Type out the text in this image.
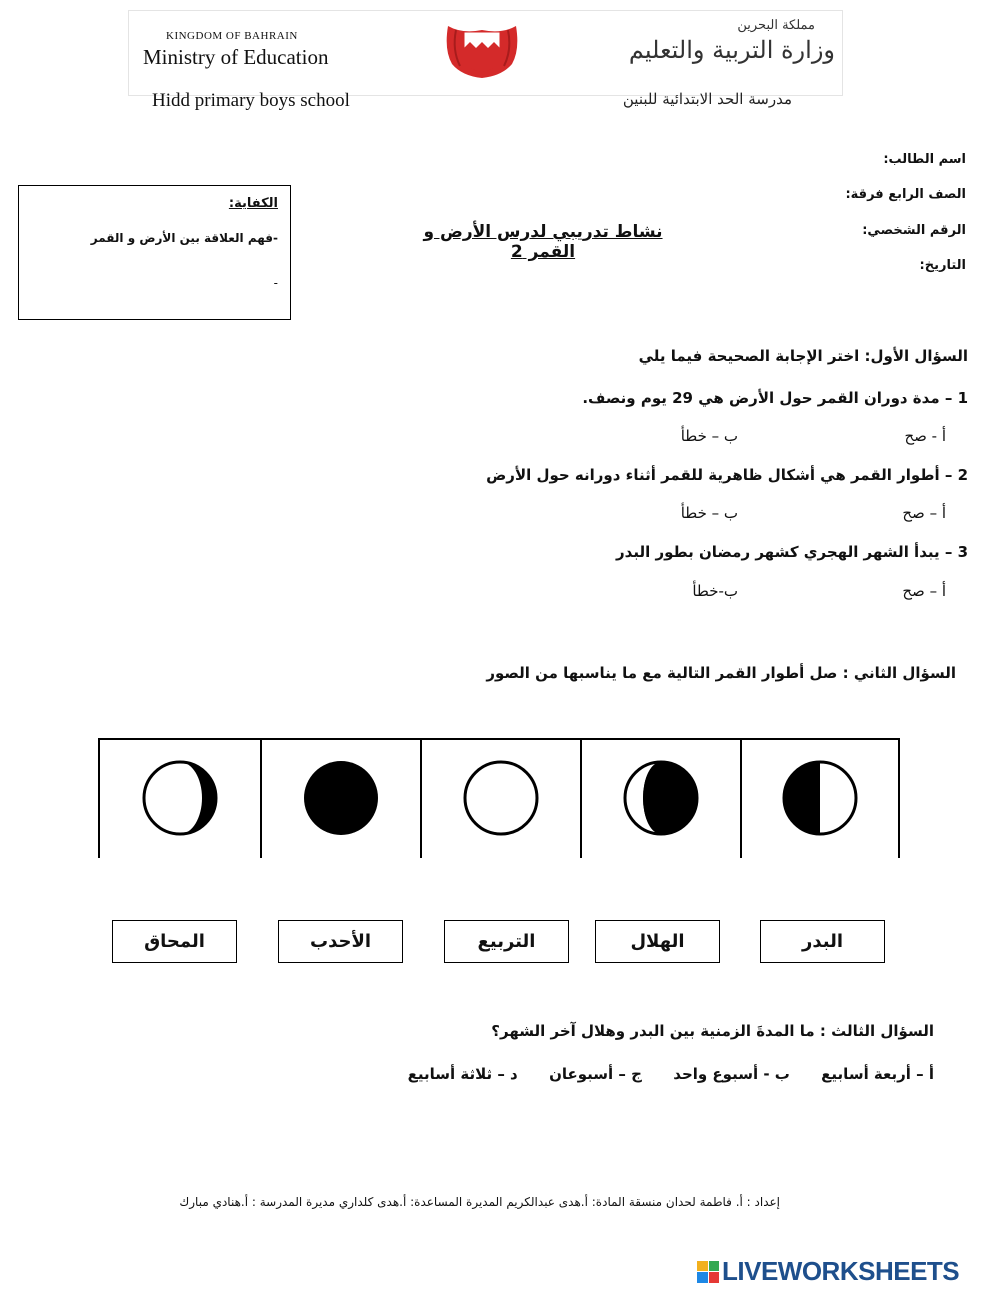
KINGDOM OF BAHRAIN
Ministry of Education
مملكة البحرين
وزارة التربية والتعليم
Hidd primary boys school	مدرسة الحد الابتدائية للبنين
اسم الطالب:
الصف الرابع فرقة:
الرقم الشخصي:
التاريخ:
الكفاية:
-فهم العلاقة بين الأرض و القمر
-
نشاط تدريبي لدرس الأرض و القمر 2
السؤال الأول: اختر الإجابة الصحيحة فيما يلي
1 – مدة دوران القمر حول الأرض هي 29 يوم ونصف.
أ - صح
ب – خطأ
2 – أطوار القمر هي أشكال ظاهرية للقمر أثناء دورانه حول الأرض
أ – صح
ب – خطأ
3 – يبدأ الشهر الهجري كشهر رمضان بطور البدر
أ – صح
ب-خطأ
السؤال الثاني : صل أطوار القمر التالية مع ما يناسبها من الصور
المحاق	الأحدب	التربيع	الهلال	البدر
السؤال الثالث : ما المدةَ الزمنية بين البدر وهلال آخر الشهر؟
أ – أربعة أسابيع      ب - أسبوع واحد      ج – أسبوعان      د – ثلاثة أسابيع
إعداد : أ. فاطمة لحدان منسقة المادة: أ.هدى عبدالكريم المديرة المساعدة: أ.هدى كلداري مديرة المدرسة : أ.هنادي مبارك
LIVEWORKSHEETS
